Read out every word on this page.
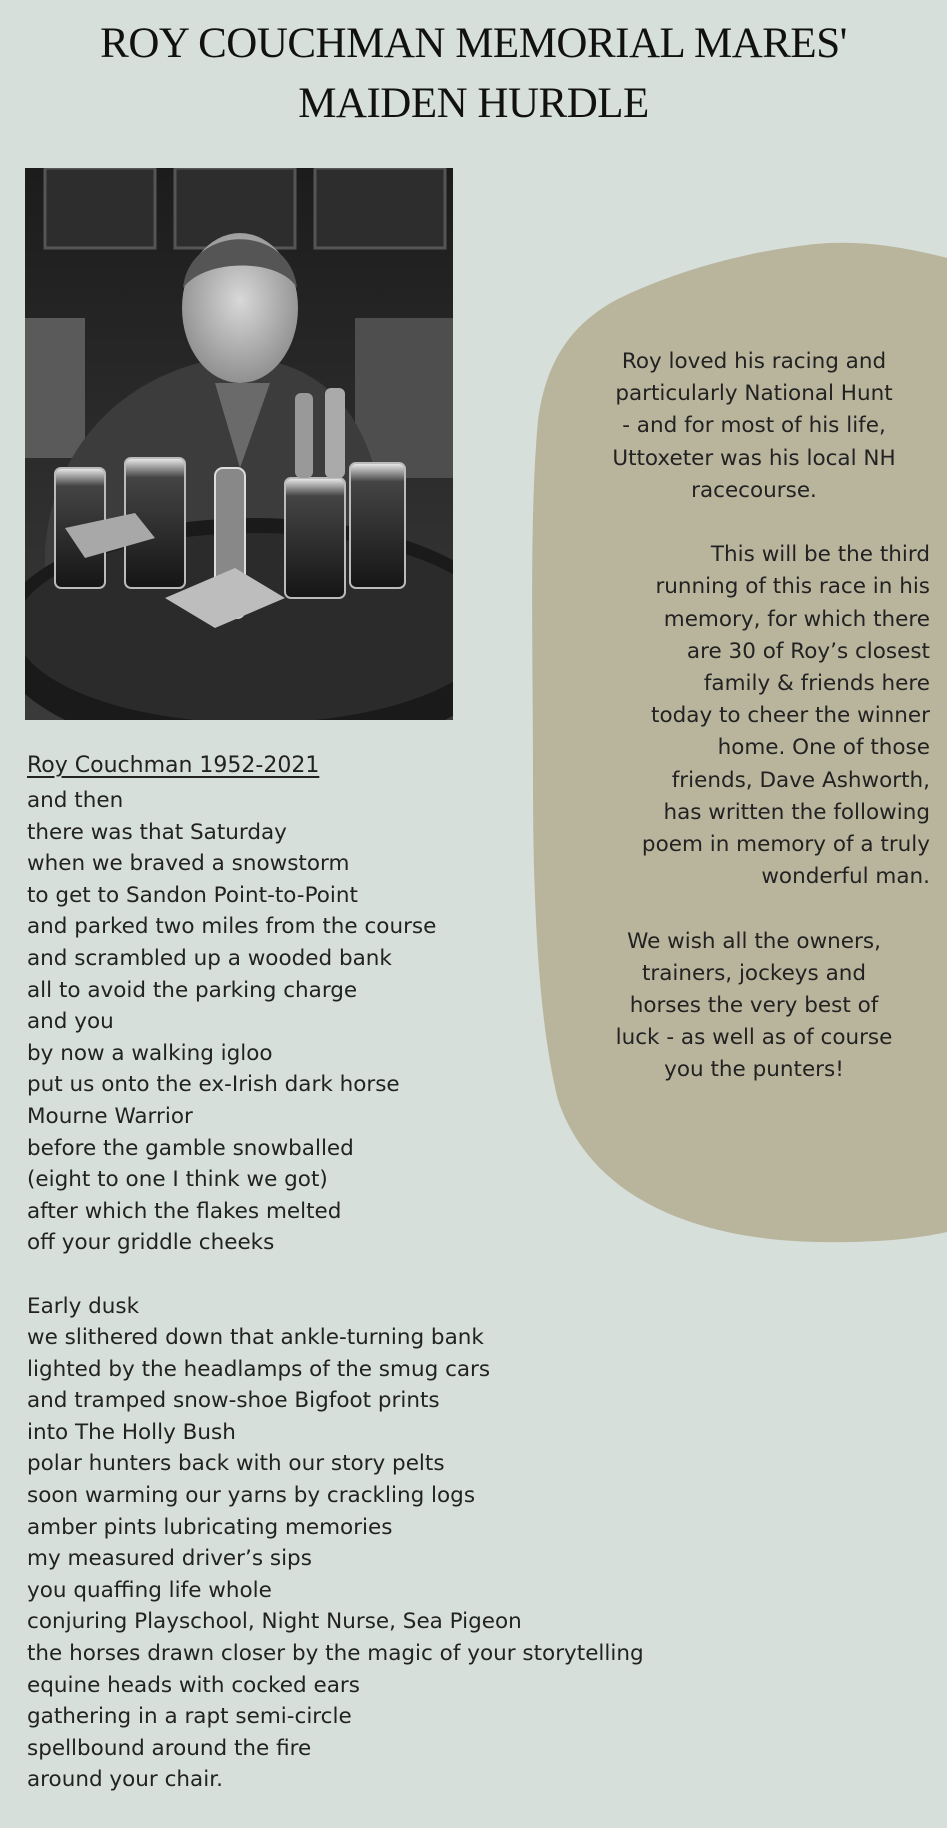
ROY COUCHMAN MEMORIAL MARES'
MAIDEN HURDLE
Roy Couchman 1952-2021
and then
there was that Saturday
when we braved a snowstorm
to get to Sandon Point-to-Point
and parked two miles from the course
and scrambled up a wooded bank
all to avoid the parking charge
and you
by now a walking igloo
put us onto the ex-Irish dark horse
Mourne Warrior
before the gamble snowballed
(eight to one I think we got)
after which the flakes melted
off your griddle cheeks
Early dusk
we slithered down that ankle-turning bank
lighted by the headlamps of the smug cars
and tramped snow-shoe Bigfoot prints
into The Holly Bush
polar hunters back with our story pelts
soon warming our yarns by crackling logs
amber pints lubricating memories
my measured driver’s sips
you quaffing life whole
conjuring Playschool, Night Nurse, Sea Pigeon
the horses drawn closer by the magic of your storytelling
equine heads with cocked ears
gathering in a rapt semi-circle
spellbound around the fire
around your chair.
Roy loved his racing and
particularly National Hunt
- and for most of his life,
Uttoxeter was his local NH
racecourse.
This will be the third
running of this race in his
memory, for which there
are 30 of Roy’s closest
family & friends here
today to cheer the winner
home. One of those
friends, Dave Ashworth,
has written the following
poem in memory of a truly
wonderful man.
We wish all the owners,
trainers, jockeys and
horses the very best of
luck - as well as of course
you the punters!
